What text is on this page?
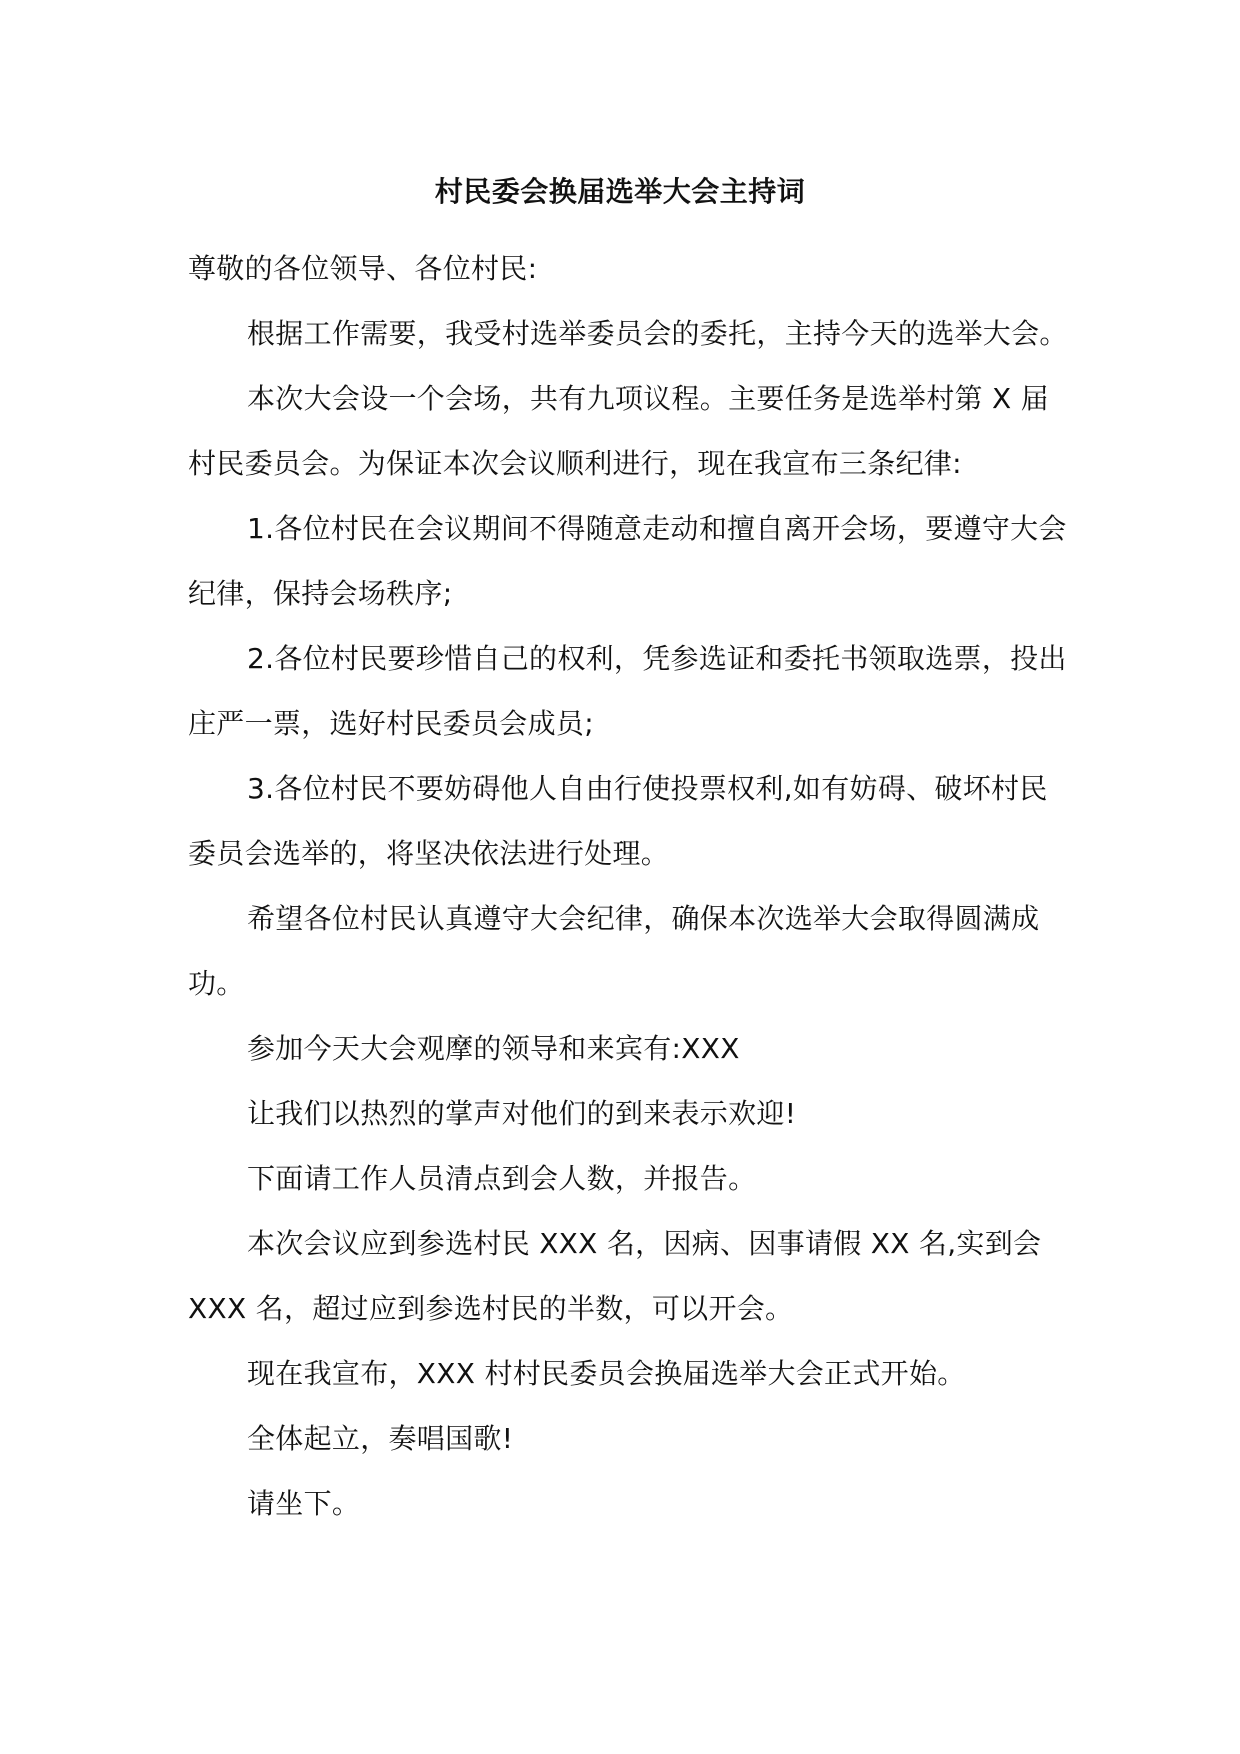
村民委会换届选举大会主持词

尊敬的各位领导、各位村民:

根据工作需要，我受村选举委员会的委托，主持今天的选举大会。

本次大会设一个会场，共有九项议程。主要任务是选举村第 X 届村民委员会。为保证本次会议顺利进行，现在我宣布三条纪律:

1.各位村民在会议期间不得随意走动和擅自离开会场，要遵守大会纪律，保持会场秩序;

2.各位村民要珍惜自己的权利，凭参选证和委托书领取选票，投出庄严一票，选好村民委员会成员;

3.各位村民不要妨碍他人自由行使投票权利,如有妨碍、破坏村民委员会选举的，将坚决依法进行处理。

希望各位村民认真遵守大会纪律，确保本次选举大会取得圆满成功。

参加今天大会观摩的领导和来宾有:XXX

让我们以热烈的掌声对他们的到来表示欢迎!

下面请工作人员清点到会人数，并报告。

本次会议应到参选村民 XXX 名，因病、因事请假 XX 名,实到会 XXX 名，超过应到参选村民的半数，可以开会。

现在我宣布，XXX 村村民委员会换届选举大会正式开始。

全体起立，奏唱国歌!

请坐下。
